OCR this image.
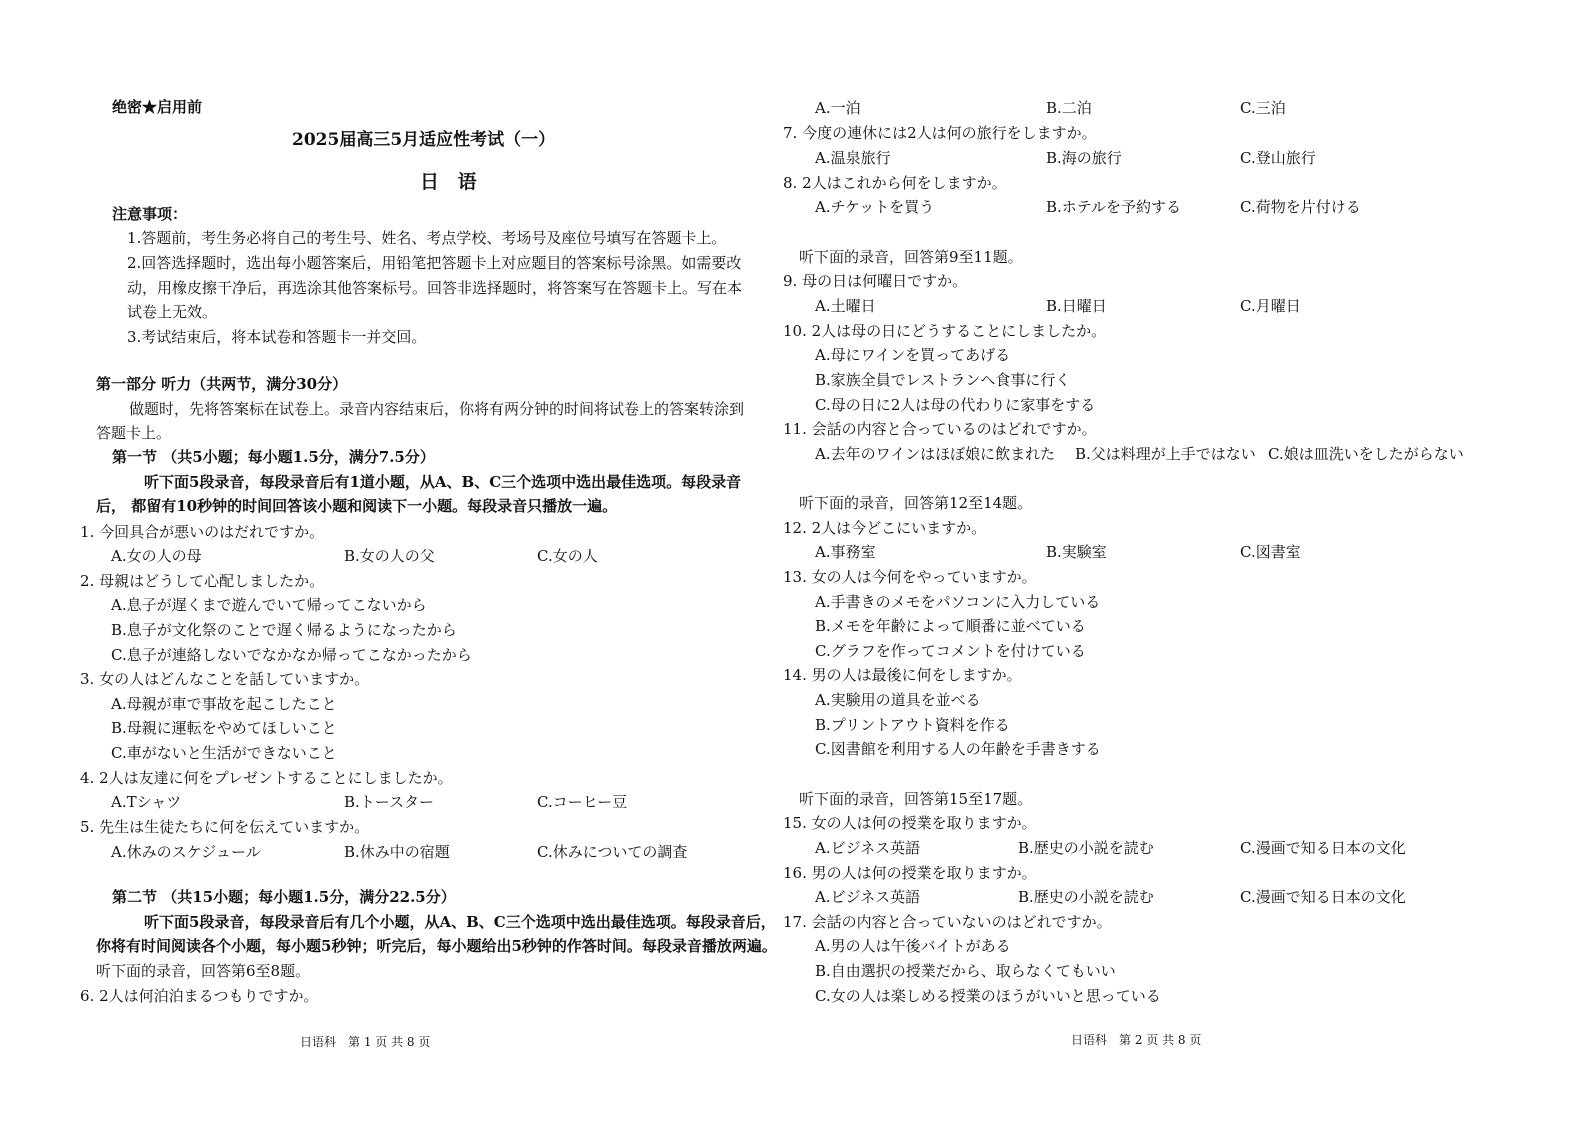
绝密★启用前
2025届高三5月适应性考试（一）
日 语
注意事项：
1.答题前，考生务必将自己的考生号、姓名、考点学校、考场号及座位号填写在答题卡上。
2.回答选择题时，选出每小题答案后，用铅笔把答题卡上对应题目的答案标号涂黑。如需要改
动，用橡皮擦干净后，再选涂其他答案标号。回答非选择题时，将答案写在答题卡上。写在本
试卷上无效。
3.考试结束后，将本试卷和答题卡一并交回。
第一部分 听力（共两节，满分30分）
做题时，先将答案标在试卷上。录音内容结束后，你将有两分钟的时间将试卷上的答案转涂到
答题卡上。
第一节 （共5小题；每小题1.5分，满分7.5分）
听下面5段录音，每段录音后有1道小题，从A、B、C三个选项中选出最佳选项。每段录音
后， 都留有10秒钟的时间回答该小题和阅读下一小题。每段录音只播放一遍。
1. 今回具合が悪いのはだれですか。
A.女の人の母	B.女の人の父	C.女の人
2. 母親はどうして心配しましたか。
A.息子が遅くまで遊んでいて帰ってこないから
B.息子が文化祭のことで遅く帰るようになったから
C.息子が連絡しないでなかなか帰ってこなかったから
3. 女の人はどんなことを話していますか。
A.母親が車で事故を起こしたこと
B.母親に運転をやめてほしいこと
C.車がないと生活ができないこと
4. 2人は友達に何をプレゼントすることにしましたか。
A.Tシャツ	B.トースター	C.コーヒー豆
5. 先生は生徒たちに何を伝えていますか。
A.休みのスケジュール	B.休み中の宿題	C.休みについての調査
第二节 （共15小题；每小题1.5分，满分22.5分）
听下面5段录音，每段录音后有几个小题，从A、B、C三个选项中选出最佳选项。每段录音后，
你将有时间阅读各个小题，每小题5秒钟；听完后，每小题给出5秒钟的作答时间。每段录音播放两遍。
听下面的录音，回答第6至8题。
6. 2人は何泊泊まるつもりですか。
日语科　第 1 页 共 8 页
A.一泊	B.二泊	C.三泊
7. 今度の連休には2人は何の旅行をしますか。
A.温泉旅行	B.海の旅行	C.登山旅行
8. 2人はこれから何をしますか。
A.チケットを買う	B.ホテルを予約する	C.荷物を片付ける
听下面的录音，回答第9至11题。
9. 母の日は何曜日ですか。
A.土曜日	B.日曜日	C.月曜日
10. 2人は母の日にどうすることにしましたか。
A.母にワインを買ってあげる
B.家族全員でレストランへ食事に行く
C.母の日に2人は母の代わりに家事をする
11. 会話の内容と合っているのはどれですか。
A.去年のワインはほぼ娘に飲まれた B.父は料理が上手ではない C.娘は皿洗いをしたがらない
听下面的录音，回答第12至14题。
12. 2人は今どこにいますか。
A.事務室	B.実験室	C.図書室
13. 女の人は今何をやっていますか。
A.手書きのメモをパソコンに入力している
B.メモを年齢によって順番に並べている
C.グラフを作ってコメントを付けている
14. 男の人は最後に何をしますか。
A.実験用の道具を並べる
B.プリントアウト資料を作る
C.図書館を利用する人の年齢を手書きする
听下面的录音，回答第15至17题。
15. 女の人は何の授業を取りますか。
A.ビジネス英語	B.歴史の小説を読む	C.漫画で知る日本の文化
16. 男の人は何の授業を取りますか。
A.ビジネス英語	B.歴史の小説を読む	C.漫画で知る日本の文化
17. 会話の内容と合っていないのはどれですか。
A.男の人は午後バイトがある
B.自由選択の授業だから、取らなくてもいい
C.女の人は楽しめる授業のほうがいいと思っている
日语科　第 2 页 共 8 页
